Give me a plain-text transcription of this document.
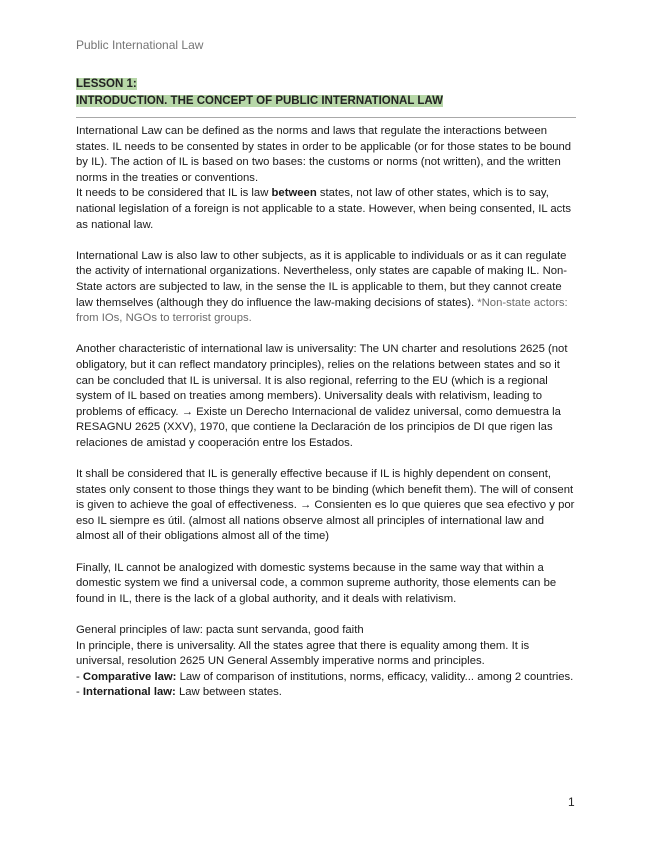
Public International Law
LESSON 1:
INTRODUCTION. THE CONCEPT OF PUBLIC INTERNATIONAL LAW

International Law can be defined as the norms and laws that regulate the interactions between states. IL needs to be consented by states in order to be applicable (or for those states to be bound by IL). The action of IL is based on two bases: the customs or norms (not written), and the written norms in the treaties or conventions.

It needs to be considered that IL is law between states, not law of other states, which is to say, national legislation of a foreign is not applicable to a state. However, when being consented, IL acts as national law.

International Law is also law to other subjects, as it is applicable to individuals or as it can regulate the activity of international organizations. Nevertheless, only states are capable of making IL. Non-State actors are subjected to law, in the sense the IL is applicable to them, but they cannot create law themselves (although they do influence the law-making decisions of states). *Non-state actors: from IOs, NGOs to terrorist groups.

Another characteristic of international law is universality: The UN charter and resolutions 2625 (not obligatory, but it can reflect mandatory principles), relies on the relations between states and so it can be concluded that IL is universal. It is also regional, referring to the EU (which is a regional system of IL based on treaties among members). Universality deals with relativism, leading to problems of efficacy. → Existe un Derecho Internacional de validez universal, como demuestra la RESAGNU 2625 (XXV), 1970, que contiene la Declaración de los principios de DI que rigen las relaciones de amistad y cooperación entre los Estados.

It shall be considered that IL is generally effective because if IL is highly dependent on consent, states only consent to those things they want to be binding (which benefit them). The will of consent is given to achieve the goal of effectiveness. → Consienten es lo que quieres que sea efectivo y por eso IL siempre es útil. (almost all nations observe almost all principles of international law and almost all of their obligations almost all of the time)

Finally, IL cannot be analogized with domestic systems because in the same way that within a domestic system we find a universal code, a common supreme authority, those elements can be found in IL, there is the lack of a global authority, and it deals with relativism.

General principles of law: pacta sunt servanda, good faith

In principle, there is universality. All the states agree that there is equality among them. It is universal, resolution 2625 UN General Assembly imperative norms and principles.

- Comparative law: Law of comparison of institutions, norms, efficacy, validity... among 2 countries.

- International law: Law between states.

1
